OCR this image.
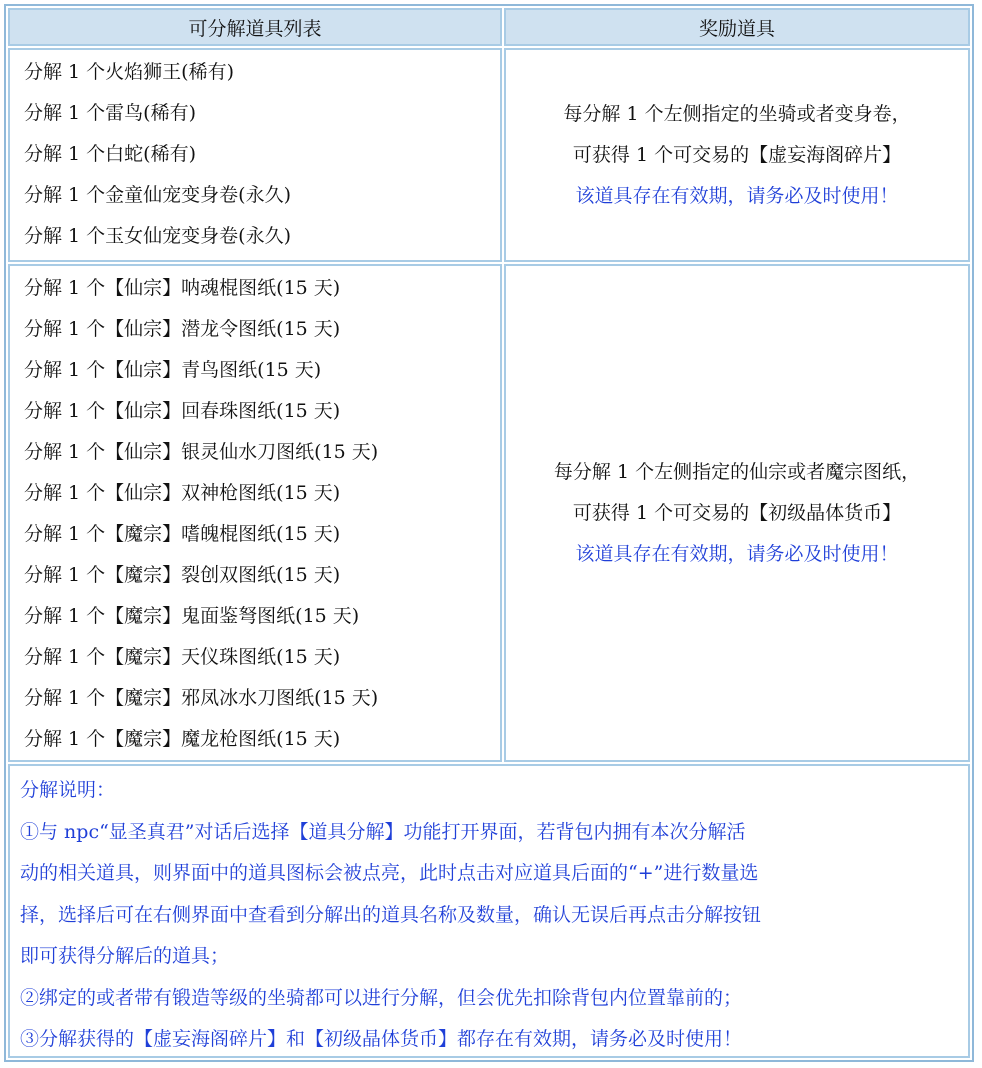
可分解道具列表	奖励道具
分解 1 个火焰狮王(稀有)
分解 1 个雷鸟(稀有)
分解 1 个白蛇(稀有)
分解 1 个金童仙宠变身卷(永久)
分解 1 个玉女仙宠变身卷(永久)
每分解 1 个左侧指定的坐骑或者变身卷，
可获得 1 个可交易的【虚妄海阁碎片】
该道具存在有效期，请务必及时使用！
分解 1 个【仙宗】呐魂棍图纸(15 天)
分解 1 个【仙宗】潜龙令图纸(15 天)
分解 1 个【仙宗】青鸟图纸(15 天)
分解 1 个【仙宗】回春珠图纸(15 天)
分解 1 个【仙宗】银灵仙水刀图纸(15 天)
分解 1 个【仙宗】双神枪图纸(15 天)
分解 1 个【魔宗】嗜魄棍图纸(15 天)
分解 1 个【魔宗】裂创双图纸(15 天)
分解 1 个【魔宗】鬼面鉴弩图纸(15 天)
分解 1 个【魔宗】天仪珠图纸(15 天)
分解 1 个【魔宗】邪凤冰水刀图纸(15 天)
分解 1 个【魔宗】魔龙枪图纸(15 天)
每分解 1 个左侧指定的仙宗或者魔宗图纸，
可获得 1 个可交易的【初级晶体货币】
该道具存在有效期，请务必及时使用！
分解说明：
①与 npc“显圣真君”对话后选择【道具分解】功能打开界面，若背包内拥有本次分解活
动的相关道具，则界面中的道具图标会被点亮，此时点击对应道具后面的“+”进行数量选
择，选择后可在右侧界面中查看到分解出的道具名称及数量，确认无误后再点击分解按钮
即可获得分解后的道具；
②绑定的或者带有锻造等级的坐骑都可以进行分解，但会优先扣除背包内位置靠前的；
③分解获得的【虚妄海阁碎片】和【初级晶体货币】都存在有效期，请务必及时使用！
